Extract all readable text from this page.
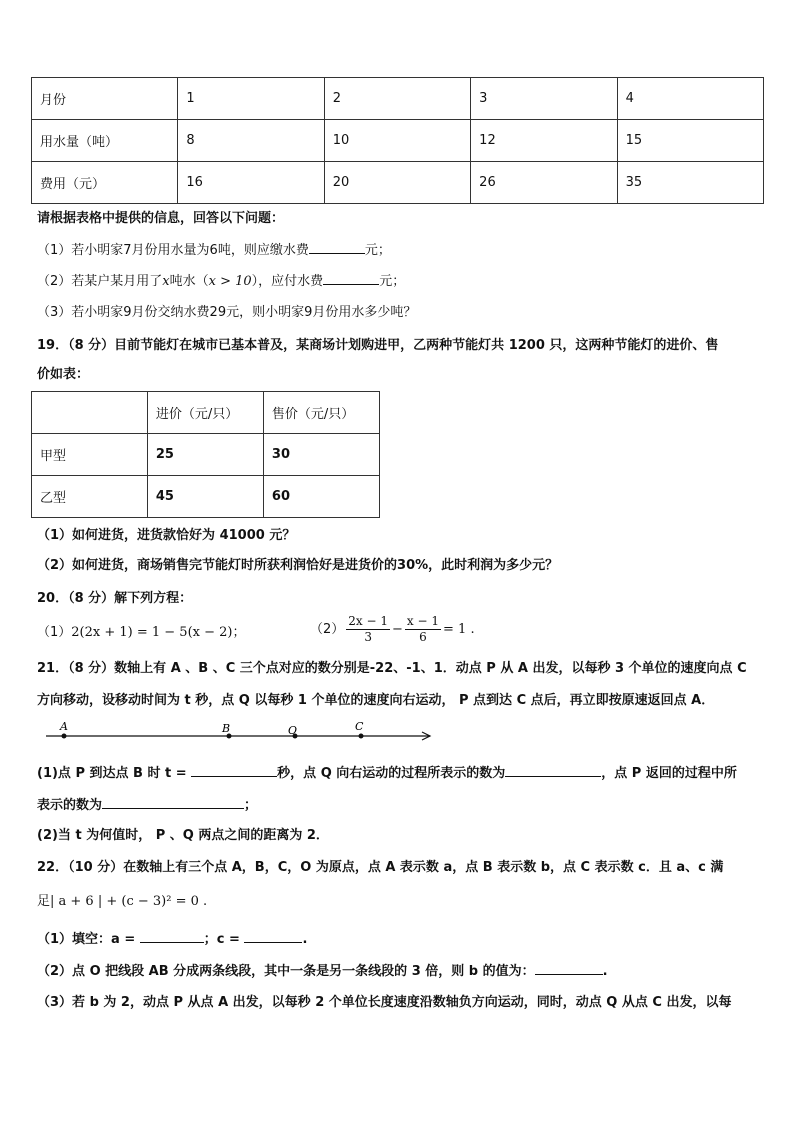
月份	1	2	3	4
用水量（吨）	8	10	12	15
费用（元）	16	20	26	35
请根据表格中提供的信息，回答以下问题：
（1）若小明家7月份用水量为6吨，则应缴水费	元；
（2）若某户某月用了x吨水（x > 10），应付水费	元；
（3）若小明家9月份交纳水费29元，则小明家9月份用水多少吨？
19．（8 分）目前节能灯在城市已基本普及，某商场计划购进甲，乙两种节能灯共 1200 只，这两种节能灯的进价、售
价如表：
	进价（元/只）	售价（元/只）
甲型	25	30
乙型	45	60
（1）如何进货，进货款恰好为 41000 元？
（2）如何进货，商场销售完节能灯时所获利润恰好是进货价的30%，此时利润为多少元？
20．（8 分）解下列方程：
（1）2(2x + 1) = 1 − 5(x − 2)；	$(2) \frac{2x - 1}{3} - \frac{x - 1}{6} = 1$ .
21．（8 分）数轴上有 A 、B 、C 三个点对应的数分别是-22、-1、1．动点 P 从 A 出发，以每秒 3 个单位的速度向点 C
方向移动，设移动时间为 t 秒，点 Q 以每秒 1 个单位的速度向右运动， P 点到达 C 点后，再立即按原速返回点 A．
A	B	O	C
(1)点 P 到达点 B 时 t =	秒，点 Q 向右运动的过程所表示的数为	，点 P 返回的过程中所
表示的数为	；
(2)当 t 为何值时， P 、Q 两点之间的距离为 2．
22．（10 分）在数轴上有三个点 A，B，C，O 为原点，点 A 表示数 a，点 B 表示数 b，点 C 表示数 c．且 a、c 满
足| a + 6 | + (c − 3)² = 0 .
（1）填空：a =	；c =	.
（2）点 O 把线段 AB 分成两条线段，其中一条是另一条线段的 3 倍，则 b 的值为：	.
（3）若 b 为 2，动点 P 从点 A 出发，以每秒 2 个单位长度速度沿数轴负方向运动，同时，动点 Q 从点 C 出发，以每
